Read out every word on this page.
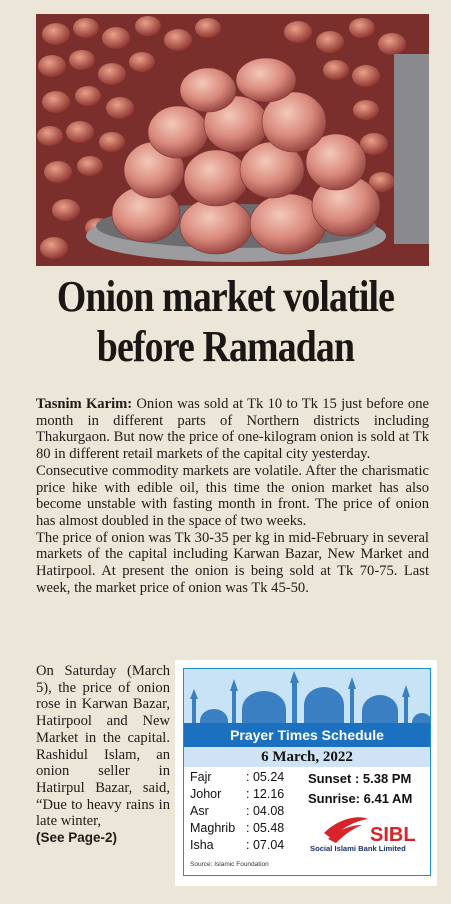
Onion market volatile
before Ramadan

Tasnim Karim: Onion was sold at Tk 10 to Tk 15 just before one month in different parts of Northern districts including Thakurgaon. But now the price of one-kilogram onion is sold at Tk 80 in different retail markets of the capital city yesterday.

Consecutive commodity markets are volatile. After the charismatic price hike with edible oil, this time the onion market has also become unstable with fasting month in front. The price of onion has almost doubled in the space of two weeks.

The price of onion was Tk 30-35 per kg in mid-February in several markets of the capital including Karwan Bazar, New Market and Hatirpool. At present the onion is being sold at Tk 70-75. Last week, the market price of onion was Tk 45-50.

On Saturday (March 5), the price of onion rose in Karwan Bazar, Hatirpool and New Market in the capital. Rashidul Islam, an onion seller in Hatirpul Bazar, said, “Due to heavy rains in late winter,

(See Page-2)

Prayer Times Schedule
6 March, 2022
Fajr	: 05.24
Johor	: 12.16
Asr	: 04.08
Maghrib : 05.48
Isha	: 07.04
Sunset : 5.38 PM
Sunrise: 6.41 AM
SIBL
Social Islami Bank Limited
Source: Islamic Foundation
